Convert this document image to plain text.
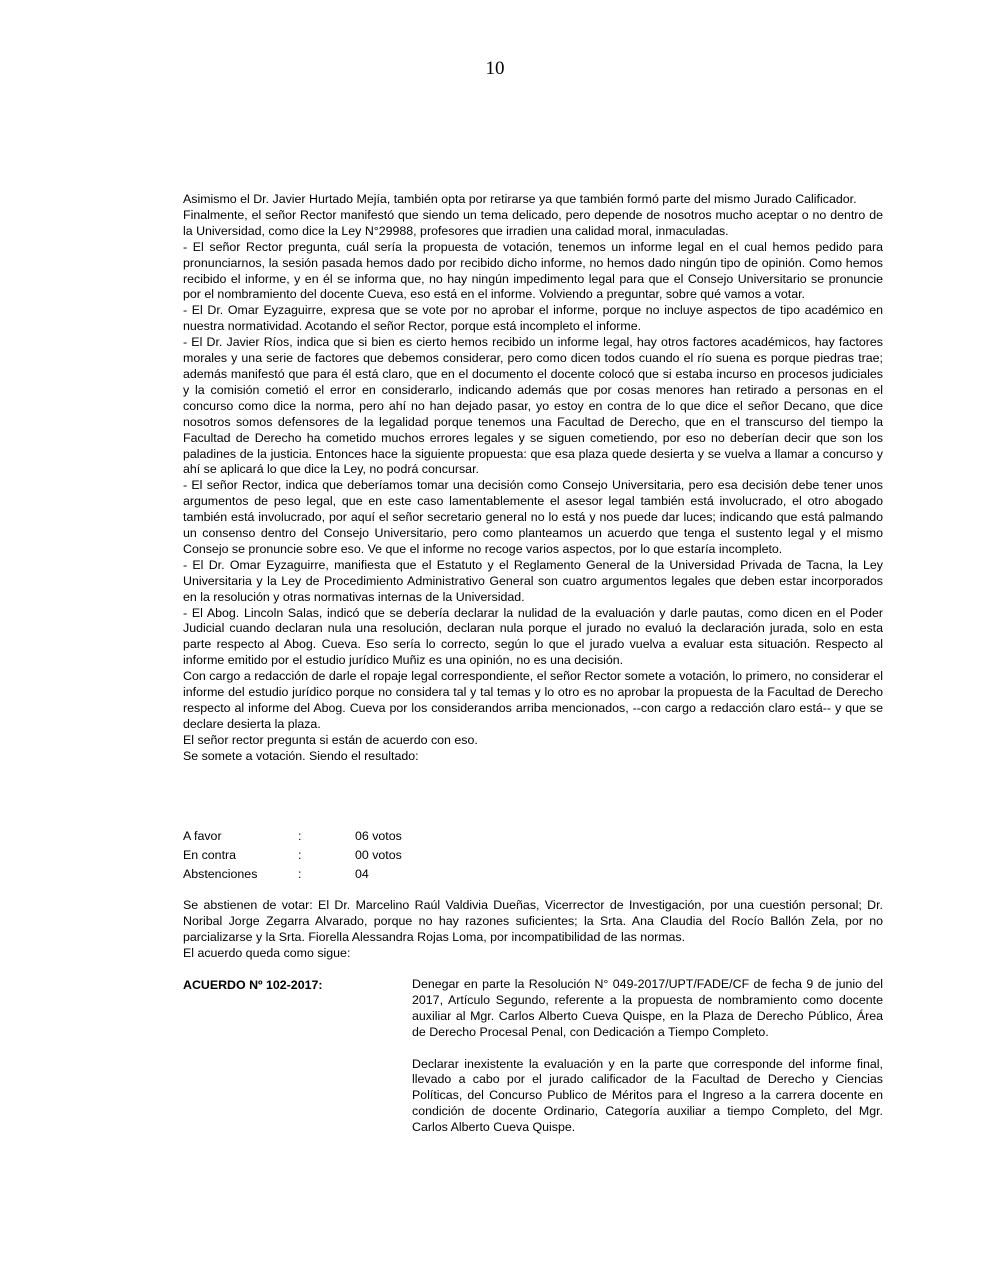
10

Asimismo el Dr. Javier Hurtado Mejía, también opta por retirarse ya que también formó parte del mismo Jurado Calificador.

Finalmente, el señor Rector manifestó que siendo un tema delicado, pero depende de nosotros mucho aceptar o no dentro de la Universidad, como dice la Ley N°29988, profesores que irradien una calidad moral, inmaculadas.

- El señor Rector pregunta, cuál sería la propuesta de votación, tenemos un informe legal en el cual hemos pedido para pronunciarnos, la sesión pasada hemos dado por recibido dicho informe, no hemos dado ningún tipo de opinión. Como hemos recibido el informe, y en él se informa que, no hay ningún impedimento legal para que el Consejo Universitario se pronuncie por el nombramiento del docente Cueva, eso está en el informe. Volviendo a preguntar, sobre qué vamos a votar.

- El Dr. Omar Eyzaguirre, expresa que se vote por no aprobar el informe, porque no incluye aspectos de tipo académico en nuestra normatividad. Acotando el señor Rector, porque está incompleto el informe.

- El Dr. Javier Ríos, indica que si bien es cierto hemos recibido un informe legal, hay otros factores académicos, hay factores morales y una serie de factores que debemos considerar, pero como dicen todos cuando el río suena es porque piedras trae; además manifestó que para él está claro, que en el documento el docente colocó que si estaba incurso en procesos judiciales y la comisión cometió el error en considerarlo, indicando además que por cosas menores han retirado a personas en el concurso como dice la norma, pero ahí no han dejado pasar, yo estoy en contra de lo que dice el señor Decano, que dice nosotros somos defensores de la legalidad porque tenemos una Facultad de Derecho, que en el transcurso del tiempo la Facultad de Derecho ha cometido muchos errores legales y se siguen cometiendo, por eso no deberían decir que son los paladines de la justicia. Entonces hace la siguiente propuesta: que esa plaza quede desierta y se vuelva a llamar a concurso y ahí se aplicará lo que dice la Ley, no podrá concursar.

- El señor Rector, indica que deberíamos tomar una decisión como Consejo Universitaria, pero esa decisión debe tener unos argumentos de peso legal, que en este caso lamentablemente el asesor legal también está involucrado, el otro abogado también está involucrado, por aquí el señor secretario general no lo está y nos puede dar luces; indicando que está palmando un consenso dentro del Consejo Universitario, pero como planteamos un acuerdo que tenga el sustento legal y el mismo Consejo se pronuncie sobre eso. Ve que el informe no recoge varios aspectos, por lo que estaría incompleto.

- El Dr. Omar Eyzaguirre, manifiesta que el Estatuto y el Reglamento General de la Universidad Privada de Tacna, la Ley Universitaria y la Ley de Procedimiento Administrativo General son cuatro argumentos legales que deben estar incorporados en la resolución y otras normativas internas de la Universidad.

- El Abog. Lincoln Salas, indicó que se debería declarar la nulidad de la evaluación y darle pautas, como dicen en el Poder Judicial cuando declaran nula una resolución, declaran nula porque el jurado no evaluó la declaración jurada, solo en esta parte respecto al Abog. Cueva. Eso sería lo correcto, según lo que el jurado vuelva a evaluar esta situación. Respecto al informe emitido por el estudio jurídico Muñiz es una opinión, no es una decisión.

Con cargo a redacción de darle el ropaje legal correspondiente, el señor Rector somete a votación, lo primero, no considerar el informe del estudio jurídico porque no considera tal y tal temas y lo otro es no aprobar la propuesta de la Facultad de Derecho respecto al informe del Abog. Cueva por los considerandos arriba mencionados, --con cargo a redacción claro está-- y que se declare desierta la plaza.

El señor rector pregunta si están de acuerdo con eso.

Se somete a votación. Siendo el resultado:

A favor	:	06 votos
En contra	:	00 votos
Abstenciones	:	04

Se abstienen de votar: El Dr. Marcelino Raúl Valdivia Dueñas, Vicerrector de Investigación, por una cuestión personal; Dr. Noribal Jorge Zegarra Alvarado, porque no hay razones suficientes; la Srta. Ana Claudia del Rocío Ballón Zela, por no parcializarse y la Srta. Fiorella Alessandra Rojas Loma, por incompatibilidad de las normas.

El acuerdo queda como sigue:

ACUERDO Nº 102-2017:	Denegar en parte la Resolución N° 049-2017/UPT/FADE/CF de fecha 9 de junio del 2017, Artículo Segundo, referente a la propuesta de nombramiento como docente auxiliar al Mgr. Carlos Alberto Cueva Quispe, en la Plaza de Derecho Público, Área de Derecho Procesal Penal, con Dedicación a Tiempo Completo.

Declarar inexistente la evaluación y en la parte que corresponde del informe final, llevado a cabo por el jurado calificador de la Facultad de Derecho y Ciencias Políticas, del Concurso Publico de Méritos para el Ingreso a la carrera docente en condición de docente Ordinario, Categoría auxiliar a tiempo Completo, del Mgr. Carlos Alberto Cueva Quispe.
